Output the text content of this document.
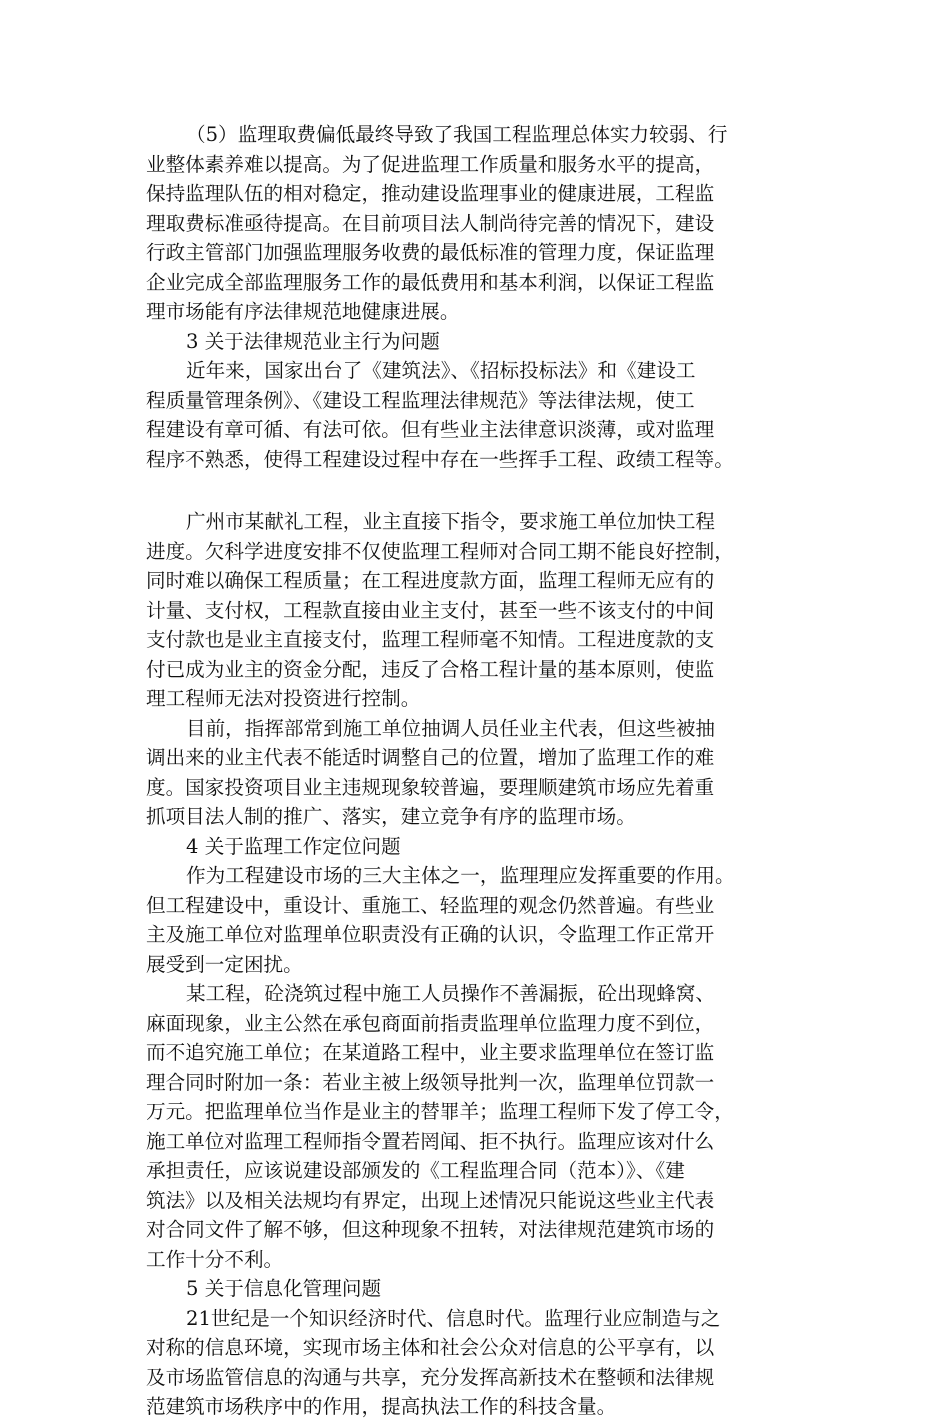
（5）监理取费偏低最终导致了我国工程监理总体实力较弱、行
业整体素养难以提高。为了促进监理工作质量和服务水平的提高，
保持监理队伍的相对稳定，推动建设监理事业的健康进展，工程监
理取费标准亟待提高。在目前项目法人制尚待完善的情况下，建设
行政主管部门加强监理服务收费的最低标准的管理力度，保证监理
企业完成全部监理服务工作的最低费用和基本利润，以保证工程监
理市场能有序法律规范地健康进展。
3 关于法律规范业主行为问题
近年来，国家出台了《建筑法》、《招标投标法》和《建设工
程质量管理条例》、《建设工程监理法律规范》等法律法规，使工
程建设有章可循、有法可依。但有些业主法律意识淡薄，或对监理
程序不熟悉，使得工程建设过程中存在一些挥手工程、政绩工程等。
广州市某献礼工程，业主直接下指令，要求施工单位加快工程
进度。欠科学进度安排不仅使监理工程师对合同工期不能良好控制，
同时难以确保工程质量；在工程进度款方面，监理工程师无应有的
计量、支付权，工程款直接由业主支付，甚至一些不该支付的中间
支付款也是业主直接支付，监理工程师毫不知情。工程进度款的支
付已成为业主的资金分配，违反了合格工程计量的基本原则，使监
理工程师无法对投资进行控制。
目前，指挥部常到施工单位抽调人员任业主代表，但这些被抽
调出来的业主代表不能适时调整自己的位置，增加了监理工作的难
度。国家投资项目业主违规现象较普遍，要理顺建筑市场应先着重
抓项目法人制的推广、落实，建立竞争有序的监理市场。
4 关于监理工作定位问题
作为工程建设市场的三大主体之一，监理理应发挥重要的作用。
但工程建设中，重设计、重施工、轻监理的观念仍然普遍。有些业
主及施工单位对监理单位职责没有正确的认识，令监理工作正常开
展受到一定困扰。
某工程，砼浇筑过程中施工人员操作不善漏振，砼出现蜂窝、
麻面现象，业主公然在承包商面前指责监理单位监理力度不到位，
而不追究施工单位；在某道路工程中，业主要求监理单位在签订监
理合同时附加一条：若业主被上级领导批判一次，监理单位罚款一
万元。把监理单位当作是业主的替罪羊；监理工程师下发了停工令，
施工单位对监理工程师指令置若罔闻、拒不执行。监理应该对什么
承担责任，应该说建设部颁发的《工程监理合同（范本）》、《建
筑法》以及相关法规均有界定，出现上述情况只能说这些业主代表
对合同文件了解不够，但这种现象不扭转，对法律规范建筑市场的
工作十分不利。
5 关于信息化管理问题
21世纪是一个知识经济时代、信息时代。监理行业应制造与之
对称的信息环境，实现市场主体和社会公众对信息的公平享有，以
及市场监管信息的沟通与共享，充分发挥高新技术在整顿和法律规
范建筑市场秩序中的作用，提高执法工作的科技含量。
